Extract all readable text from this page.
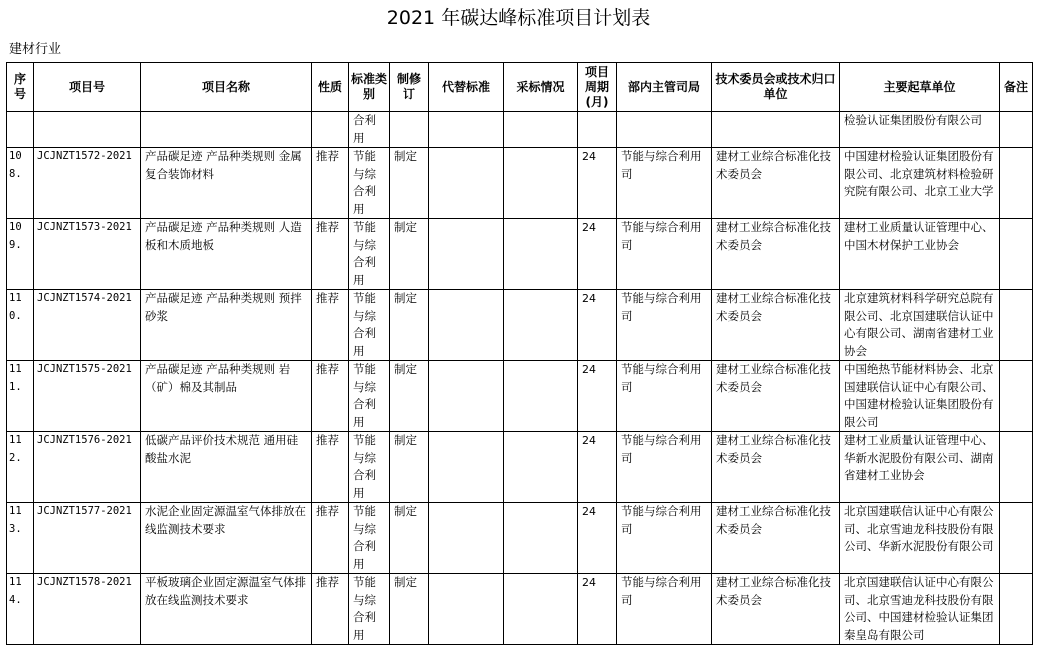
2021 年碳达峰标准项目计划表
建材行业
序号	项目号	项目名称	性质	标准类别	制修订	代替标准	采标情况	项目周期(月)	部内主管司局	技术委员会或技术归口单位	主要起草单位	备注
				合利用							检验认证集团股份有限公司	
108.	JCJNZT1572-2021	产品碳足迹 产品种类规则 金属复合装饰材料	推荐	节能与综合利用	制定			24	节能与综合利用司	建材工业综合标准化技术委员会	中国建材检验认证集团股份有限公司、北京建筑材料检验研究院有限公司、北京工业大学	
109.	JCJNZT1573-2021	产品碳足迹 产品种类规则 人造板和木质地板	推荐	节能与综合利用	制定			24	节能与综合利用司	建材工业综合标准化技术委员会	建材工业质量认证管理中心、中国木材保护工业协会	
110.	JCJNZT1574-2021	产品碳足迹 产品种类规则 预拌砂浆	推荐	节能与综合利用	制定			24	节能与综合利用司	建材工业综合标准化技术委员会	北京建筑材料科学研究总院有限公司、北京国建联信认证中心有限公司、湖南省建材工业协会	
111.	JCJNZT1575-2021	产品碳足迹 产品种类规则 岩（矿）棉及其制品	推荐	节能与综合利用	制定			24	节能与综合利用司	建材工业综合标准化技术委员会	中国绝热节能材料协会、北京国建联信认证中心有限公司、中国建材检验认证集团股份有限公司	
112.	JCJNZT1576-2021	低碳产品评价技术规范 通用硅酸盐水泥	推荐	节能与综合利用	制定			24	节能与综合利用司	建材工业综合标准化技术委员会	建材工业质量认证管理中心、华新水泥股份有限公司、湖南省建材工业协会	
113.	JCJNZT1577-2021	水泥企业固定源温室气体排放在线监测技术要求	推荐	节能与综合利用	制定			24	节能与综合利用司	建材工业综合标准化技术委员会	北京国建联信认证中心有限公司、北京雪迪龙科技股份有限公司、华新水泥股份有限公司	
114.	JCJNZT1578-2021	平板玻璃企业固定源温室气体排放在线监测技术要求	推荐	节能与综合利用	制定			24	节能与综合利用司	建材工业综合标准化技术委员会	北京国建联信认证中心有限公司、北京雪迪龙科技股份有限公司、中国建材检验认证集团秦皇岛有限公司	
